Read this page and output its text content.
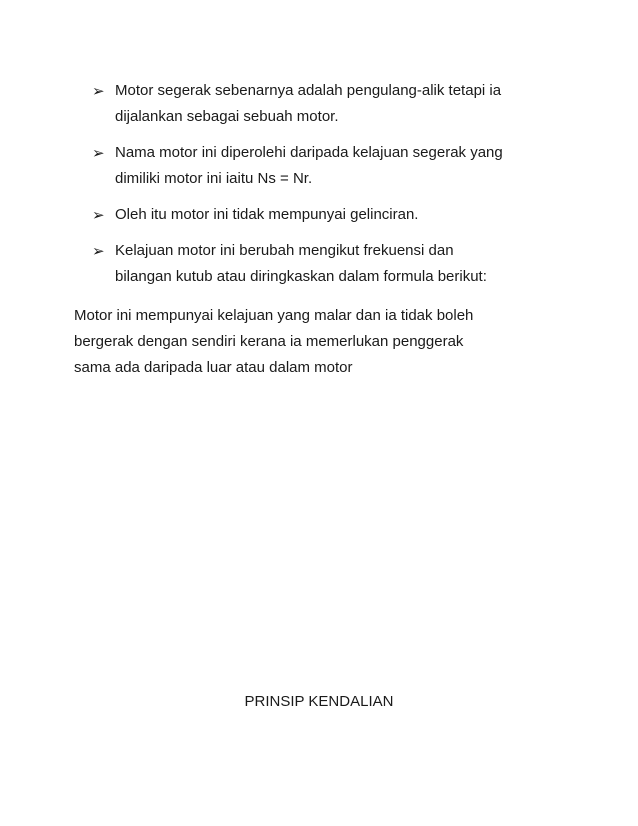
➢ Motor segerak sebenarnya adalah pengulang-alik tetapi ia
dijalankan sebagai sebuah motor.
➢ Nama motor ini diperolehi daripada kelajuan segerak yang
dimiliki motor ini iaitu Ns = Nr.
➢ Oleh itu motor ini tidak mempunyai gelinciran.
➢ Kelajuan motor ini berubah mengikut frekuensi dan
bilangan kutub atau diringkaskan dalam formula berikut:

Motor ini mempunyai kelajuan yang malar dan ia tidak boleh
bergerak dengan sendiri kerana ia memerlukan penggerak
sama ada daripada luar atau dalam motor

PRINSIP KENDALIAN
